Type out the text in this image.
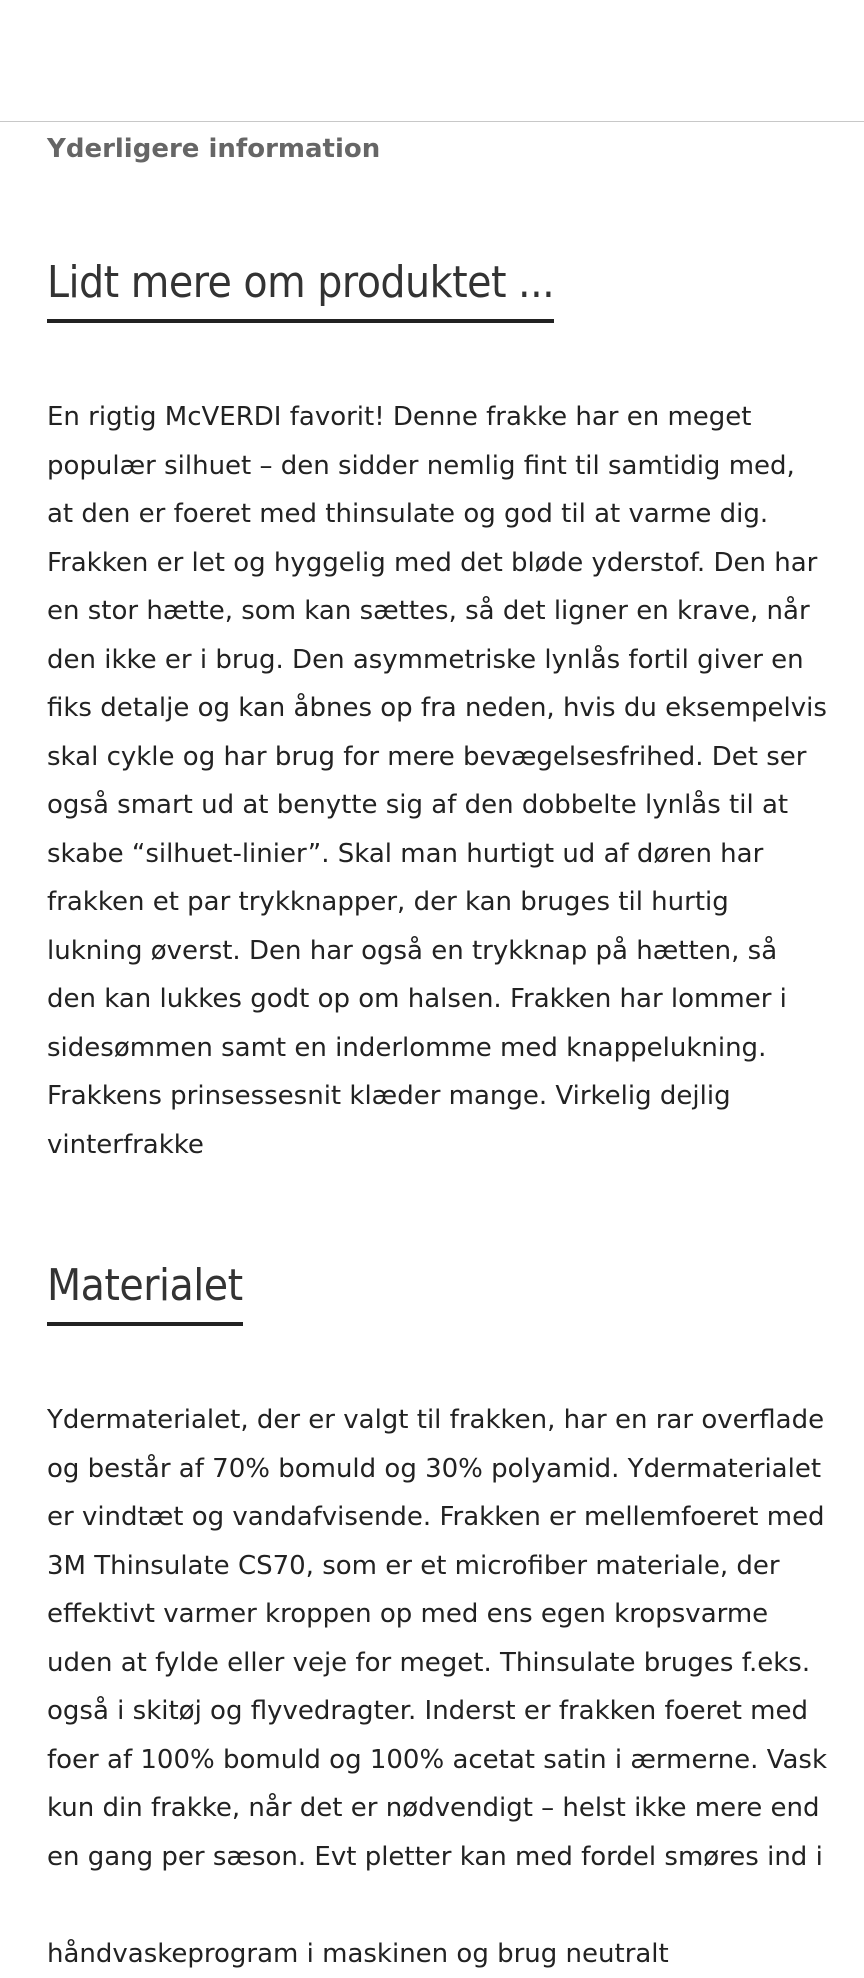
Yderligere information
Lidt mere om produktet ...

En rigtig McVERDI favorit! Denne frakke har en meget populær silhuet – den sidder nemlig fint til samtidig med, at den er foeret med thinsulate og god til at varme dig. Frakken er let og hyggelig med det bløde yderstof. Den har en stor hætte, som kan sættes, så det ligner en krave, når den ikke er i brug. Den asymmetriske lynlås fortil giver en fiks detalje og kan åbnes op fra neden, hvis du eksempelvis skal cykle og har brug for mere bevægelsesfrihed. Det ser også smart ud at benytte sig af den dobbelte lynlås til at skabe “silhuet-linier”. Skal man hurtigt ud af døren har frakken et par trykknapper, der kan bruges til hurtig lukning øverst. Den har også en trykknap på hætten, så den kan lukkes godt op om halsen. Frakken har lommer i sidesømmen samt en inderlomme med knappelukning. Frakkens prinsessesnit klæder mange. Virkelig dejlig vinterfrakke

Materialet

Ydermaterialet, der er valgt til frakken, har en rar overflade og består af 70% bomuld og 30% polyamid. Ydermaterialet er vindtæt og vandafvisende. Frakken er mellemfoeret med 3M Thinsulate CS70, som er et microfiber materiale, der effektivt varmer kroppen op med ens egen kropsvarme uden at fylde eller veje for meget. Thinsulate bruges f.eks. også i skitøj og flyvedragter. Inderst er frakken foeret med foer af 100% bomuld og 100% acetat satin i ærmerne. Vask kun din frakke, når det er nødvendigt – helst ikke mere end en gang per sæson. Evt pletter kan med fordel smøres ind i håndvaskeprogram i maskinen og brug neutralt
